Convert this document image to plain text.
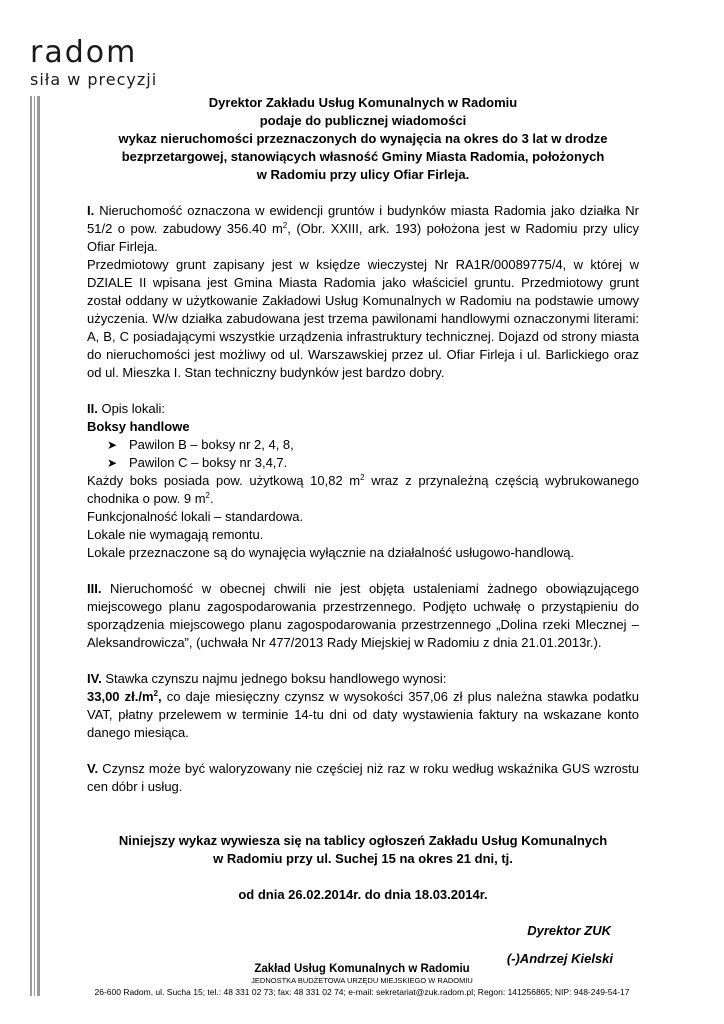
radom
siła w precyzji
Dyrektor Zakładu Usług Komunalnych w Radomiu
podaje do publicznej wiadomości
wykaz nieruchomości przeznaczonych do wynajęcia na okres do 3 lat w drodze
bezprzetargowej, stanowiących własność Gminy Miasta Radomia, położonych
w Radomiu przy ulicy Ofiar Firleja.

I. Nieruchomość oznaczona w ewidencji gruntów i budynków miasta Radomia jako działka Nr 51/2 o pow. zabudowy 356.40 $m^2$, (Obr. XXIII, ark. 193) położona jest w Radomiu przy ulicy Ofiar Firleja.

Przedmiotowy grunt zapisany jest w księdze wieczystej Nr RA1R/00089775/4, w której w DZIALE II wpisana jest Gmina Miasta Radomia jako właściciel gruntu. Przedmiotowy grunt został oddany w użytkowanie Zakładowi Usług Komunalnych w Radomiu na podstawie umowy użyczenia. W/w działka zabudowana jest trzema pawilonami handlowymi oznaczonymi literami: A, B, C posiadającymi wszystkie urządzenia infrastruktury technicznej. Dojazd od strony miasta do nieruchomości jest możliwy od ul. Warszawskiej przez ul. Ofiar Firleja i ul. Barlickiego oraz od ul. Mieszka I. Stan techniczny budynków jest bardzo dobry.

II. Opis lokali:

Boksy handlowe

➤ Pawilon B – boksy nr 2, 4, 8,
➤ Pawilon C – boksy nr 3,4,7.

Każdy boks posiada pow. użytkową 10,82 $m^2$ wraz z przynależną częścią wybrukowanego chodnika o pow. 9 $m^2$.

Funkcjonalność lokali – standardowa.

Lokale nie wymagają remontu.

Lokale przeznaczone są do wynajęcia wyłącznie na działalność usługowo-handlową.

III. Nieruchomość w obecnej chwili nie jest objęta ustaleniami żadnego obowiązującego miejscowego planu zagospodarowania przestrzennego. Podjęto uchwałę o przystąpieniu do sporządzenia miejscowego planu zagospodarowania przestrzennego „Dolina rzeki Mlecznej – Aleksandrowicza”, (uchwała Nr 477/2013 Rady Miejskiej w Radomiu z dnia 21.01.2013r.).

IV. Stawka czynszu najmu jednego boksu handlowego wynosi:

33,00 $zł./m^2$, co daje miesięczny czynsz w wysokości 357,06 zł plus należna stawka podatku VAT, płatny przelewem w terminie 14-tu dni od daty wystawienia faktury na wskazane konto danego miesiąca.

V. Czynsz może być waloryzowany nie częściej niż raz w roku według wskaźnika GUS wzrostu cen dóbr i usług.

Niniejszy wykaz wywiesza się na tablicy ogłoszeń Zakładu Usług Komunalnych
w Radomiu przy ul. Suchej 15 na okres 21 dni, tj.
od dnia 26.02.2014r. do dnia 18.03.2014r.
Dyrektor ZUK
(-)Andrzej Kielski
Zakład Usług Komunalnych w Radomiu
JEDNOSTKA BUDŻETOWA URZĘDU MIEJSKIEGO W RADOMIU
26-600 Radom, ul. Sucha 15; tel.: 48 331 02 73; fax: 48 331 02 74; e-mail: sekretariat@zuk.radom.pl; Regon: 141256865; NIP: 948-249-54-17
